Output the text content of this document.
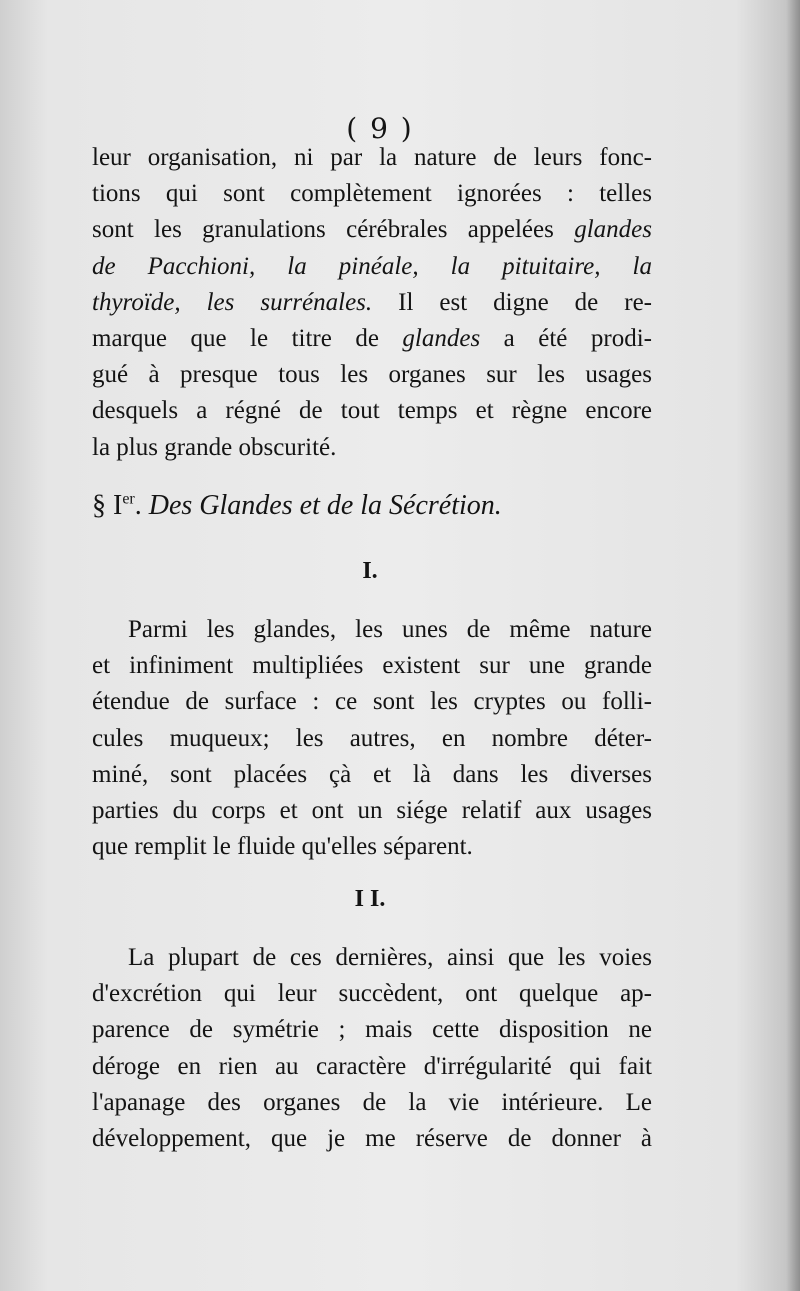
( 9 )
leur organisation, ni par la nature de leurs fonc-
tions qui sont complètement ignorées : telles
sont les granulations cérébrales appelées glandes
de Pacchioni, la pinéale, la pituitaire, la
thyroïde, les surrénales. Il est digne de re-
marque que le titre de glandes a été prodi-
gué à presque tous les organes sur les usages
desquels a régné de tout temps et règne encore
la plus grande obscurité.
§ Ier. Des Glandes et de la Sécrétion.
I.
Parmi les glandes, les unes de même nature
et infiniment multipliées existent sur une grande
étendue de surface : ce sont les cryptes ou folli-
cules muqueux; les autres, en nombre déter-
miné, sont placées çà et là dans les diverses
parties du corps et ont un siége relatif aux usages
que remplit le fluide qu'elles séparent.
I I.
La plupart de ces dernières, ainsi que les voies
d'excrétion qui leur succèdent, ont quelque ap-
parence de symétrie ; mais cette disposition ne
déroge en rien au caractère d'irrégularité qui fait
l'apanage des organes de la vie intérieure. Le
développement, que je me réserve de donner à
